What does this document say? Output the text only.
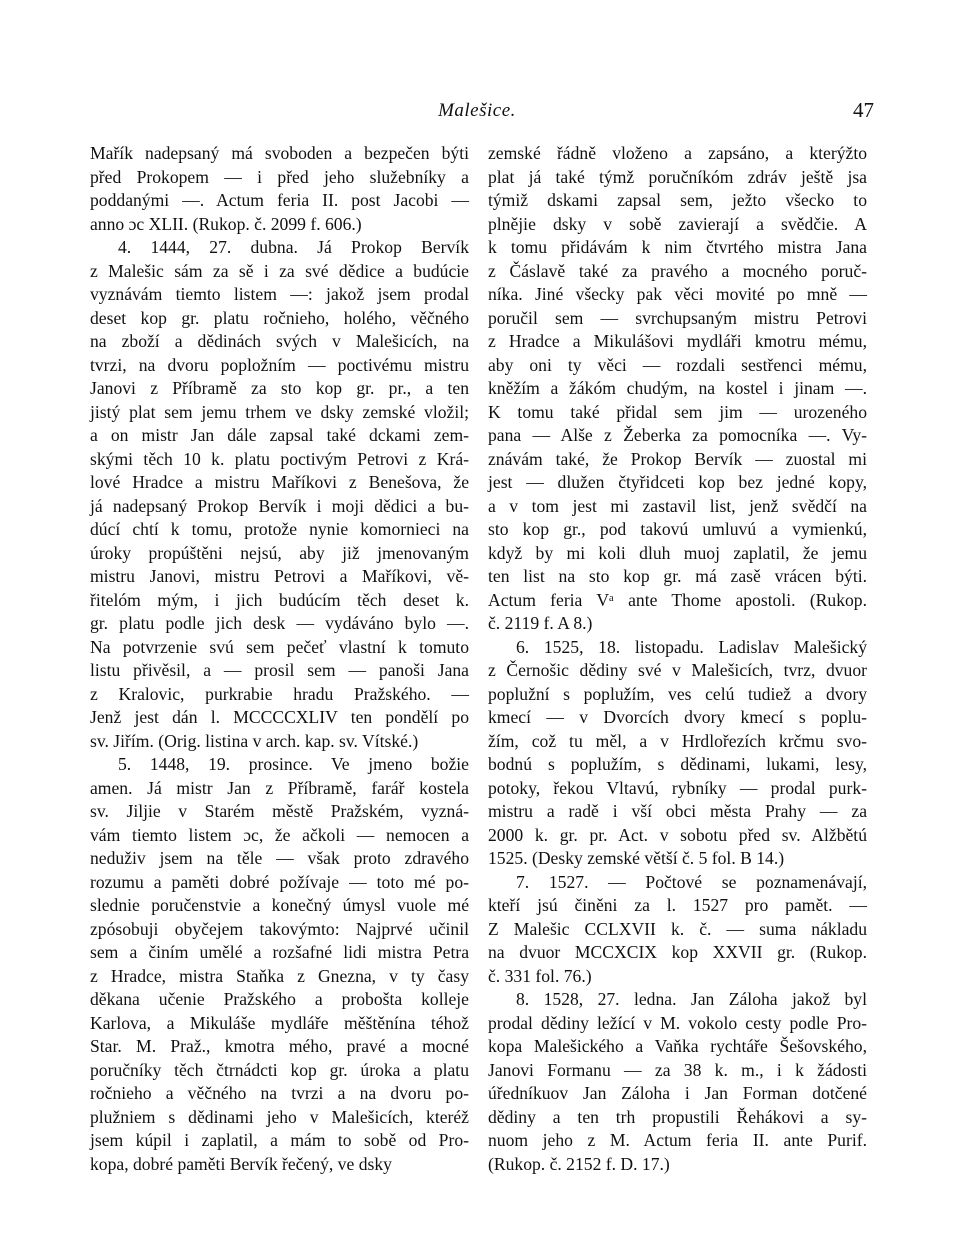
Malešice.	47
Mařík nadepsaný má svoboden a bezpečen býti
před Prokopem — i před jeho služebníky a
poddanými —. Actum feria II. post Jacobi —
anno ɔc XLII. (Rukop. č. 2099 f. 606.)
4. 1444, 27. dubna. Já Prokop Bervík
z Malešic sám za sě i za své dědice a budúcie
vyznávám tiemto listem —: jakož jsem prodal
deset kop gr. platu ročnieho, holého, věčného
na zboží a dědinách svých v Malešicích, na
tvrzi, na dvoru popložním — poctivému mistru
Janovi z Příbramě za sto kop gr. pr., a ten
jistý plat sem jemu trhem ve dsky zemské vložil;
a on mistr Jan dále zapsal také dckami zem-
skými těch 10 k. platu poctivým Petrovi z Krá-
lové Hradce a mistru Maříkovi z Benešova, že
já nadepsaný Prokop Bervík i moji dědici a bu-
dúcí chtí k tomu, protože nynie komornieci na
úroky propúštěni nejsú, aby již jmenovaným
mistru Janovi, mistru Petrovi a Maříkovi, vě-
řitelóm mým, i jich budúcím těch deset k.
gr. platu podle jich desk — vydáváno bylo —.
Na potvrzenie svú sem pečeť vlastní k tomuto
listu přivěsil, a — prosil sem — panoši Jana
z Kralovic, purkrabie hradu Pražského. —
Jenž jest dán l. MCCCCXLIV ten pondělí po
sv. Jiřím. (Orig. listina v arch. kap. sv. Vítské.)
5. 1448, 19. prosince. Ve jmeno božie
amen. Já mistr Jan z Příbramě, farář kostela
sv. Jiljie v Starém městě Pražském, vyzná-
vám tiemto listem ɔc, že ačkoli — nemocen a
neduživ jsem na těle — však proto zdravého
rozumu a paměti dobré požívaje — toto mé po-
slednie poručenstvie a konečný úmysl vuole mé
zpósobuji obyčejem takovýmto: Najprvé učinil
sem a činím umělé a rozšafné lidi mistra Petra
z Hradce, mistra Staňka z Gnezna, v ty časy
děkana učenie Pražského a probošta kolleje
Karlova, a Mikuláše mydláře měštěnína téhož
Star. M. Praž., kmotra mého, pravé a mocné
poručníky těch čtrnádcti kop gr. úroka a platu
ročnieho a věčného na tvrzi a na dvoru po-
plužniem s dědinami jeho v Malešicích, kteréž
jsem kúpil i zaplatil, a mám to sobě od Pro-
kopa, dobré paměti Bervík řečený, ve dsky
zemské řádně vloženo a zapsáno, a kterýžto
plat já také týmž poručníkóm zdráv ještě jsa
týmiž dskami zapsal sem, ježto všecko to
plnějie dsky v sobě zavierají a svědčie. A
k tomu přidávám k nim čtvrtého mistra Jana
z Čáslavě také za pravého a mocného poruč-
níka. Jiné všecky pak věci movité po mně —
poručil sem — svrchupsaným mistru Petrovi
z Hradce a Mikulášovi mydláři kmotru mému,
aby oni ty věci — rozdali sestřenci mému,
kněžím a žákóm chudým, na kostel i jinam —.
K tomu také přidal sem jim — urozeného
pana — Alše z Žeberka za pomocníka —. Vy-
znávám také, že Prokop Bervík — zuostal mi
jest — dlužen čtyřidceti kop bez jedné kopy,
a v tom jest mi zastavil list, jenž svědčí na
sto kop gr., pod takovú umluvú a vymienkú,
když by mi koli dluh muoj zaplatil, že jemu
ten list na sto kop gr. má zasě vrácen býti.
Actum feria Vᵃ ante Thome apostoli. (Rukop.
č. 2119 f. A 8.)
6. 1525, 18. listopadu. Ladislav Malešický
z Černošic dědiny své v Malešicích, tvrz, dvuor
poplužní s poplužím, ves celú tudiež a dvory
kmecí — v Dvorcích dvory kmecí s poplu-
žím, což tu měl, a v Hrdlořezích krčmu svo-
bodnú s poplužím, s dědinami, lukami, lesy,
potoky, řekou Vltavú, rybníky — prodal purk-
mistru a radě i vší obci města Prahy — za
2000 k. gr. pr. Act. v sobotu před sv. Alžbětú
1525. (Desky zemské větší č. 5 fol. B 14.)
7. 1527. — Počtové se poznamenávají,
kteří jsú činěni za l. 1527 pro pamět. —
Z Malešic CCLXVII k. č. — suma nákladu
na dvuor MCCXCIX kop XXVII gr. (Rukop.
č. 331 fol. 76.)
8. 1528, 27. ledna. Jan Záloha jakož byl
prodal dědiny ležící v M. vokolo cesty podle Pro-
kopa Malešického a Vaňka rychtáře Šešovského,
Janovi Formanu — za 38 k. m., i k žádosti
úředníkuov Jan Záloha i Jan Forman dotčené
dědiny a ten trh propustili Řehákovi a sy-
nuom jeho z M. Actum feria II. ante Purif.
(Rukop. č. 2152 f. D. 17.)
